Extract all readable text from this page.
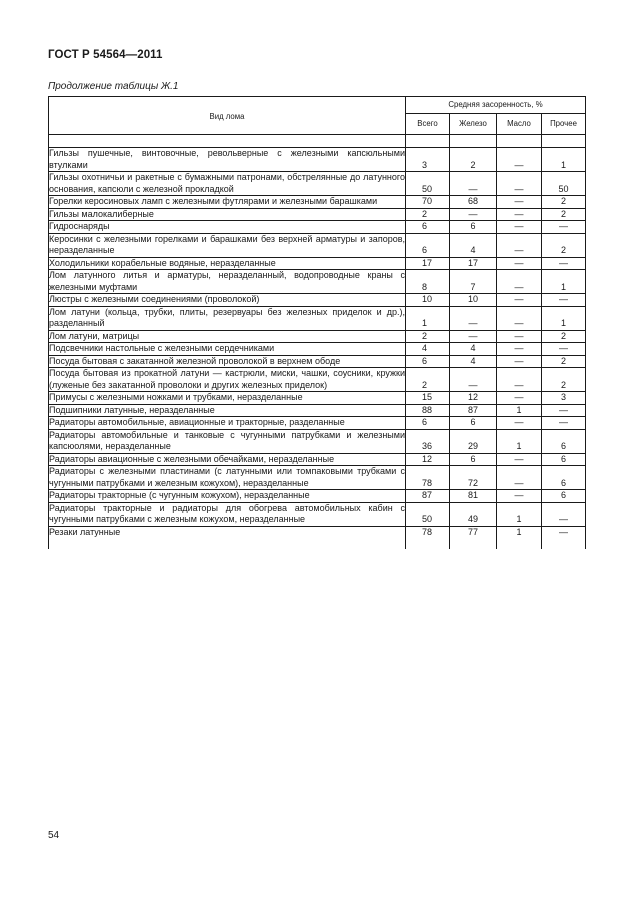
ГОСТ Р 54564—2011
Продолжение таблицы Ж.1
Вид лома	Средняя засоренность, %			
	Всего	Железо	Масло	Прочее

Гильзы пушечные, винтовочные, револьверные с железными капсюльными втулками	3	2	—	1
Гильзы охотничьи и ракетные с бумажными патронами, обстрелянные до латунного основания, капсюли с железной прокладкой	50	—	—	50
Горелки керосиновых ламп с железными футлярами и железными барашками	70	68	—	2
Гильзы малокалиберные	2	—	—	2
Гидроснаряды	6	6	—	—
Керосинки с железными горелками и барашками без верхней арматуры и запоров, неразделанные	6	4	—	2
Холодильники корабельные водяные, неразделанные	17	17	—	—
Лом латунного литья и арматуры, неразделанный, водопроводные краны с железными муфтами	8	7	—	1
Люстры с железными соединениями (проволокой)	10	10	—	—
Лом латуни (кольца, трубки, плиты, резервуары без железных приделок и др.), разделанный	1	—	—	1
Лом латуни, матрицы	2	—	—	2
Подсвечники настольные с железными сердечниками	4	4	—	—
Посуда бытовая с закатанной железной проволокой в верхнем ободе	6	4	—	2
Посуда бытовая из прокатной латуни — кастрюли, миски, чашки, соусники, кружки (луженые без закатанной проволоки и других железных приделок)	2	—	—	2
Примусы с железными ножками и трубками, неразделанные	15	12	—	3
Подшипники латунные, неразделанные	88	87	1	—
Радиаторы автомобильные, авиационные и тракторные, разделанные	6	6	—	—
Радиаторы автомобильные и танковые с чугунными патрубками и железными капсюолями, неразделанные	36	29	1	6
Радиаторы авиационные с железными обечайками, неразделанные	12	6	—	6
Радиаторы с железными пластинами (с латунными или томпаковыми трубками с чугунными патрубками и железным кожухом), неразделанные	78	72	—	6
Радиаторы тракторные (с чугунным кожухом), неразделанные	87	81	—	6
Радиаторы тракторные и радиаторы для обогрева автомобильных кабин с чугунными патрубками с железным кожухом, неразделанные	50	49	1	—
Резаки латунные	78	77	1	—
54
